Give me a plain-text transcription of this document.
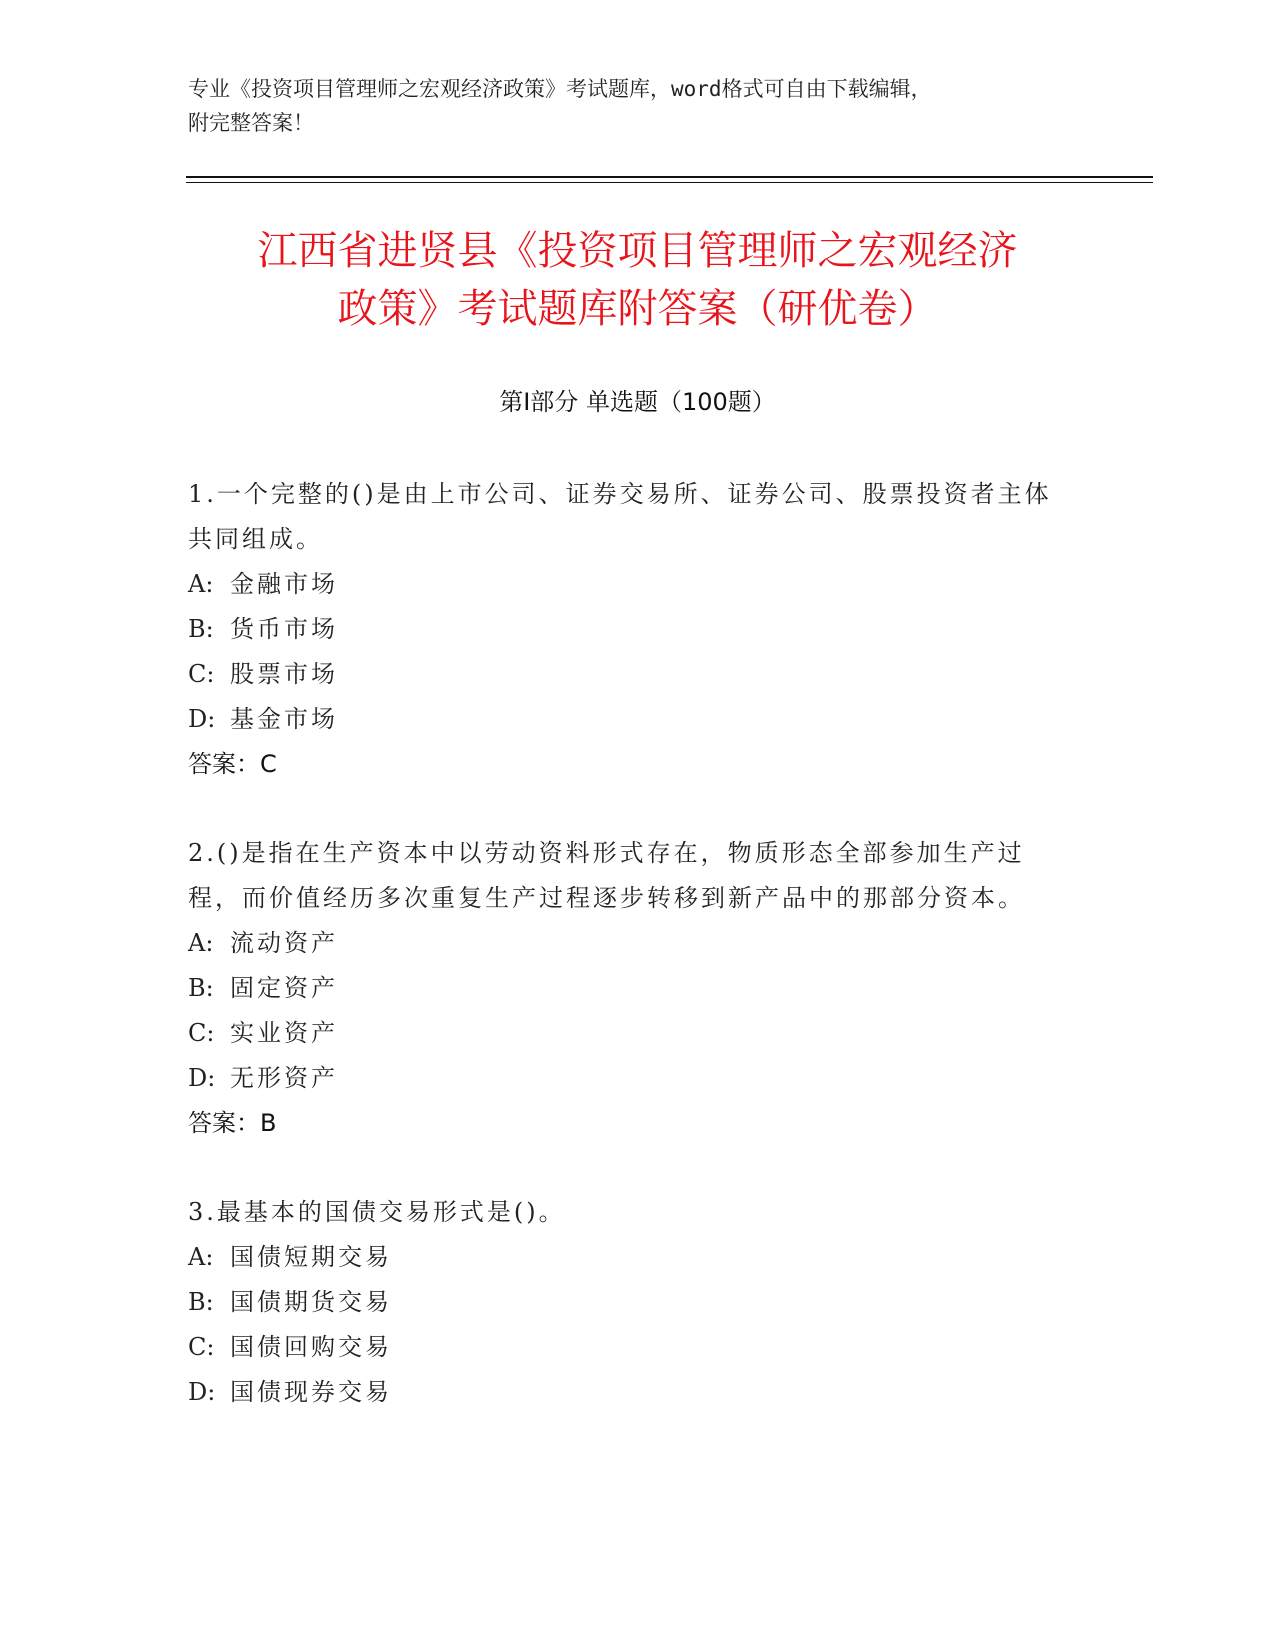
专业《投资项目管理师之宏观经济政策》考试题库，word格式可自由下载编辑，

附完整答案！

江西省进贤县《投资项目管理师之宏观经济

政策》考试题库附答案（研优卷）

第Ⅰ部分 单选题（100题）

1.一个完整的()是由上市公司、证券交易所、证券公司、股票投资者主体共同组成。

A: 金融市场

B: 货币市场

C: 股票市场

D: 基金市场

答案：C

2.()是指在生产资本中以劳动资料形式存在，物质形态全部参加生产过程，而价值经历多次重复生产过程逐步转移到新产品中的那部分资本。

A: 流动资产

B: 固定资产

C: 实业资产

D: 无形资产

答案：B

3.最基本的国债交易形式是()。

A: 国债短期交易

B: 国债期货交易

C: 国债回购交易

D: 国债现券交易
